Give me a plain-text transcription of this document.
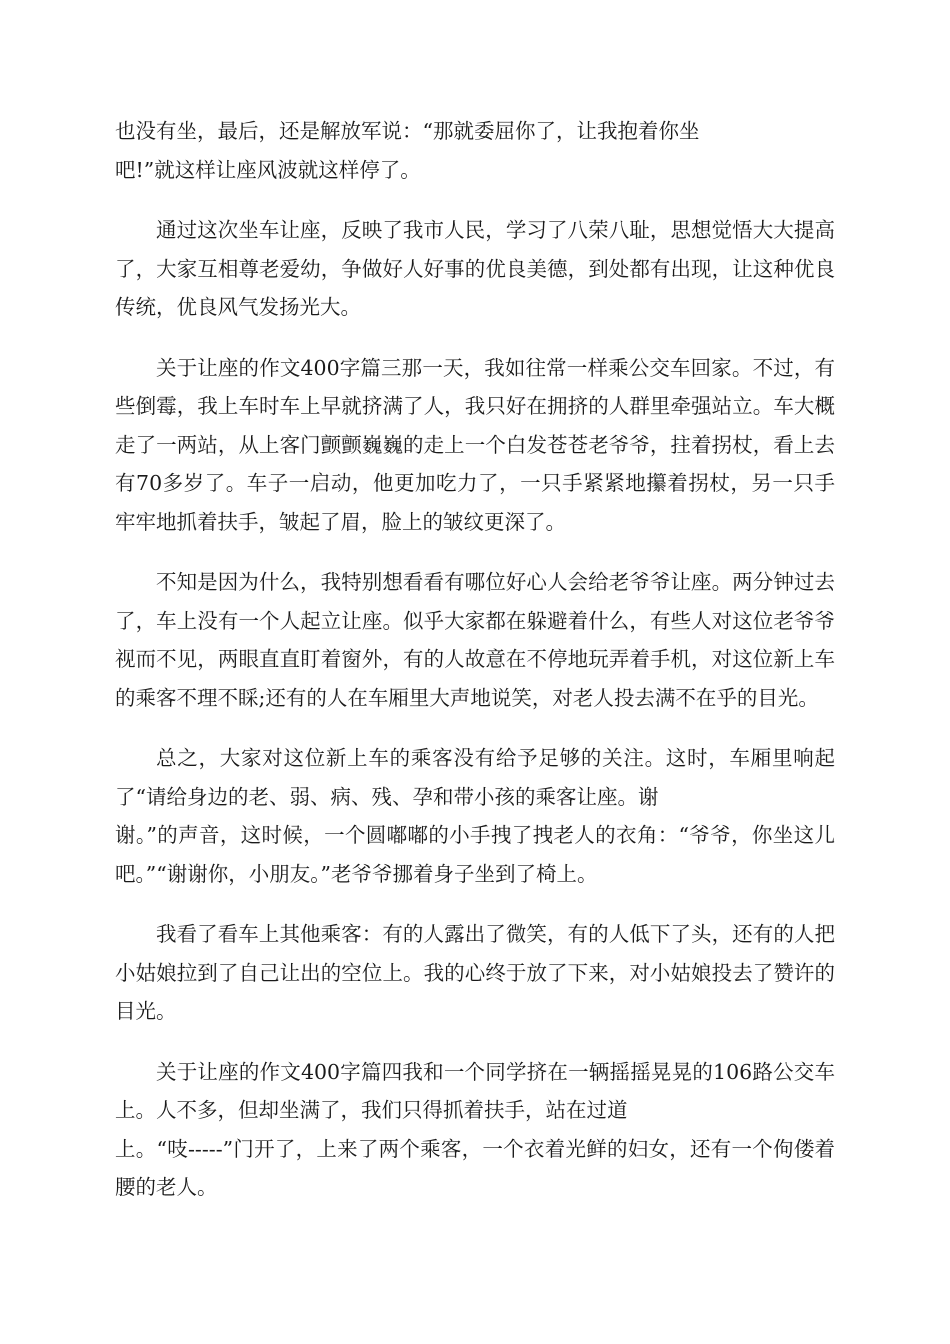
也没有坐，最后，还是解放军说：“那就委屈你了，让我抱着你坐
吧!”就这样让座风波就这样停了。

通过这次坐车让座，反映了我市人民，学习了八荣八耻，思想觉悟大大提高了，大家互相尊老爱幼，争做好人好事的优良美德，到处都有出现，让这种优良传统，优良风气发扬光大。

关于让座的作文400字篇三那一天，我如往常一样乘公交车回家。不过，有些倒霉，我上车时车上早就挤满了人，我只好在拥挤的人群里牵强站立。车大概走了一两站，从上客门颤颤巍巍的走上一个白发苍苍老爷爷，拄着拐杖，看上去有70多岁了。车子一启动，他更加吃力了，一只手紧紧地攥着拐杖，另一只手牢牢地抓着扶手，皱起了眉，脸上的皱纹更深了。

不知是因为什么，我特别想看看有哪位好心人会给老爷爷让座。两分钟过去了，车上没有一个人起立让座。似乎大家都在躲避着什么，有些人对这位老爷爷视而不见，两眼直直盯着窗外，有的人故意在不停地玩弄着手机，对这位新上车的乘客不理不睬;还有的人在车厢里大声地说笑，对老人投去满不在乎的目光。

总之，大家对这位新上车的乘客没有给予足够的关注。这时，车厢里响起了“请给身边的老、弱、病、残、孕和带小孩的乘客让座。谢
谢。”的声音，这时候，一个圆嘟嘟的小手拽了拽老人的衣角：“爷爷，你坐这儿吧。”“谢谢你，小朋友。”老爷爷挪着身子坐到了椅上。

我看了看车上其他乘客：有的人露出了微笑，有的人低下了头，还有的人把小姑娘拉到了自己让出的空位上。我的心终于放了下来，对小姑娘投去了赞许的目光。

关于让座的作文400字篇四我和一个同学挤在一辆摇摇晃晃的106路公交车上。人不多，但却坐满了，我们只得抓着扶手，站在过道
上。“吱-----”门开了，上来了两个乘客，一个衣着光鲜的妇女，还有一个佝偻着腰的老人。
